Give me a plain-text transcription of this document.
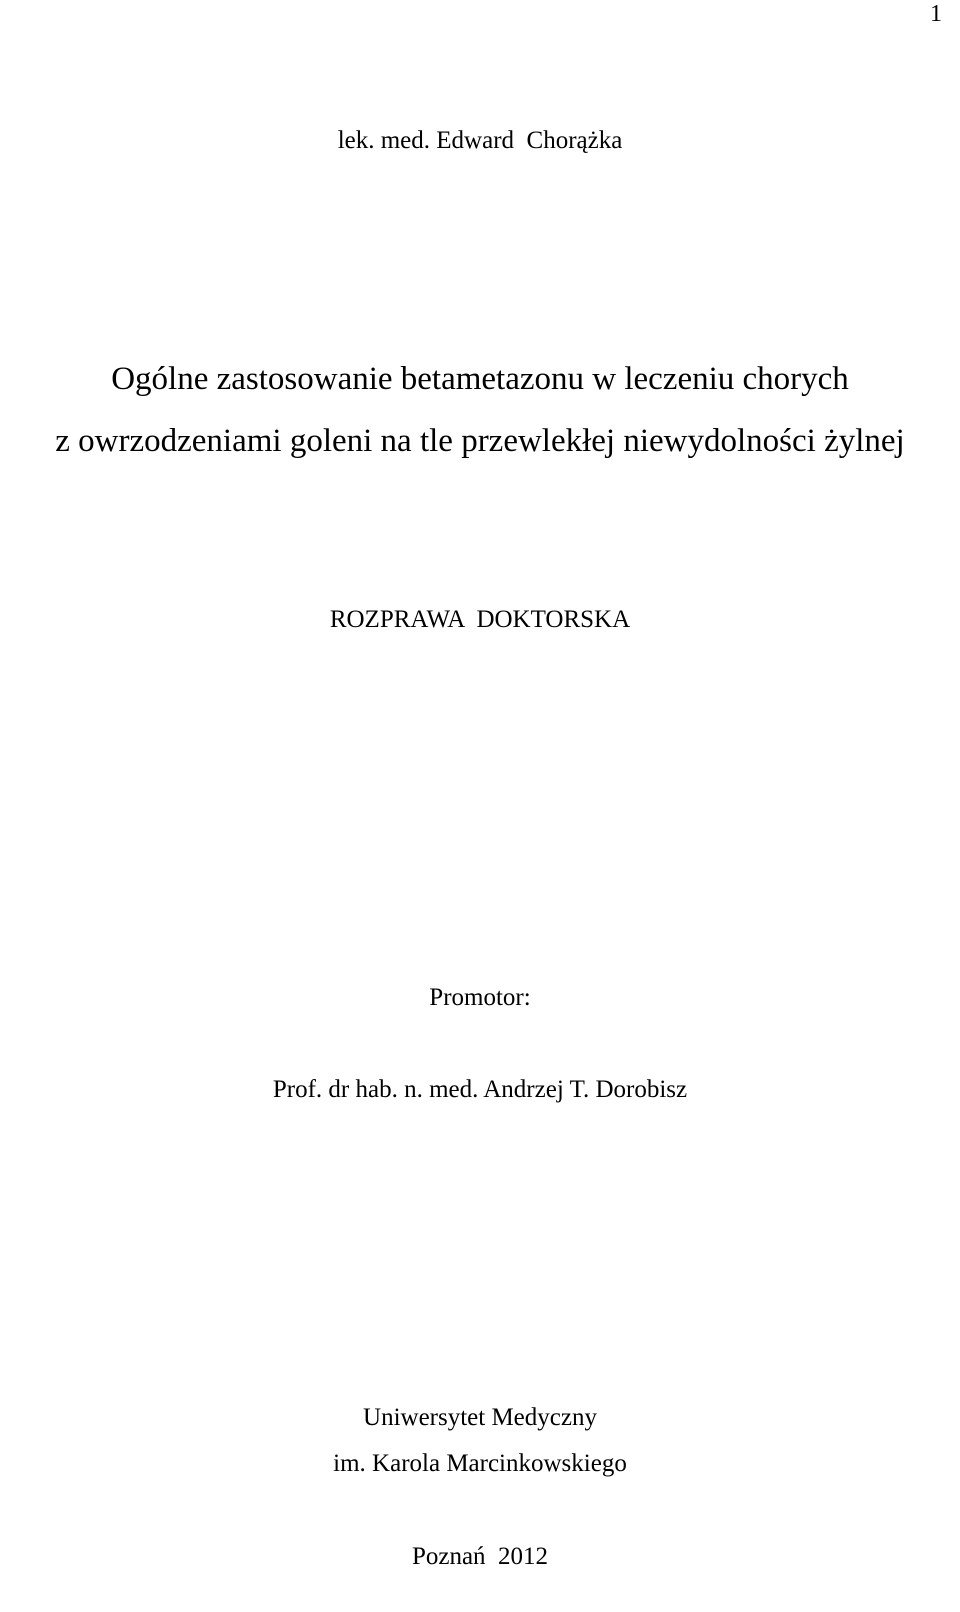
1
lek. med. Edward  Chorążka
Ogólne zastosowanie betametazonu w leczeniu chorych
z owrzodzeniami goleni na tle przewlekłej niewydolności żylnej
ROZPRAWA  DOKTORSKA
Promotor:
Prof. dr hab. n. med. Andrzej T. Dorobisz
Uniwersytet Medyczny
im. Karola Marcinkowskiego
Poznań  2012
